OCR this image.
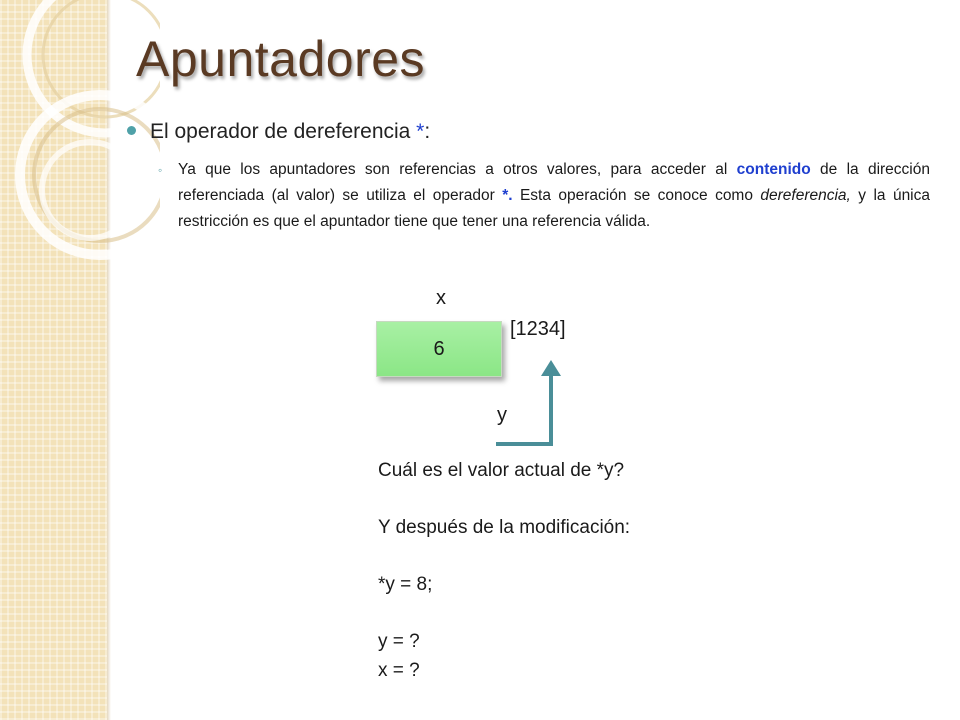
Apuntadores
El operador de dereferencia *:
◦ Ya que los apuntadores son referencias a otros valores, para acceder al contenido de la dirección referenciada (al valor) se utiliza el operador *. Esta operación se conoce como dereferencia, y la única restricción es que el apuntador tiene que tener una referencia válida.
x
[1234]
6
y
Cuál es el valor actual de *y?
Y después de la modificación:
*y = 8;
y = ?
x = ?
